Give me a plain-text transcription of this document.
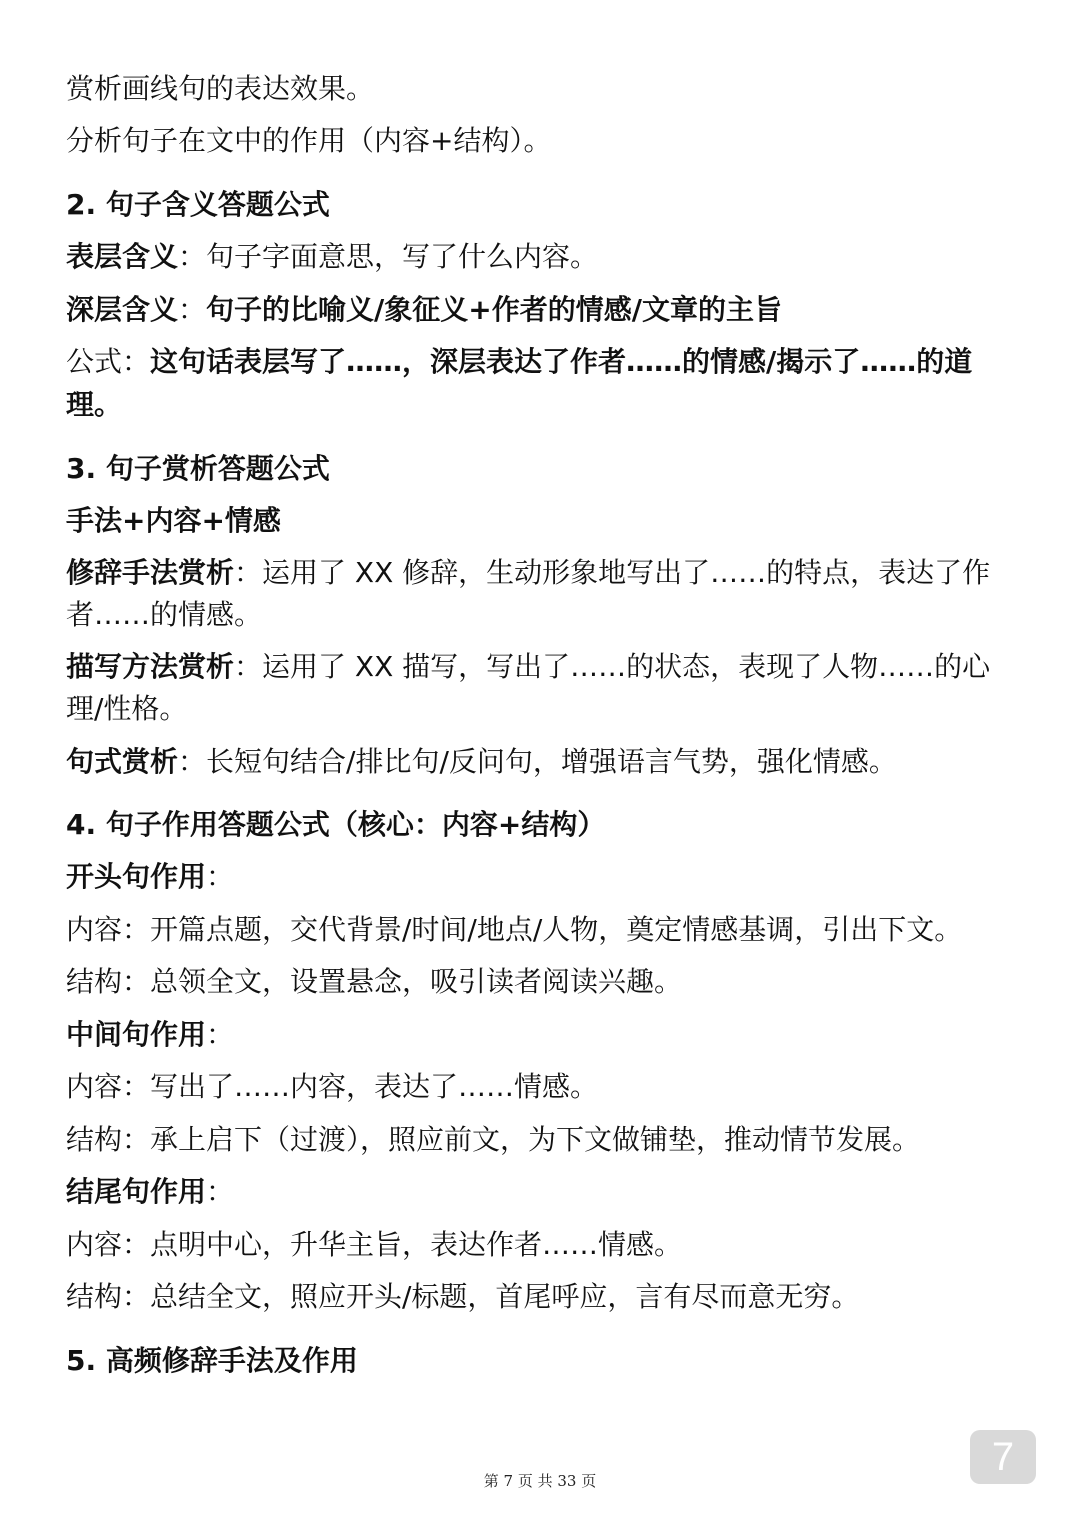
赏析画线句的表达效果。
分析句子在文中的作用（内容+结构）。
2. 句子含义答题公式
表层含义：句子字面意思，写了什么内容。
深层含义：句子的比喻义/象征义+作者的情感/文章的主旨
公式：这句话表层写了……，深层表达了作者……的情感/揭示了……的道
理。
3. 句子赏析答题公式
手法+内容+情感
修辞手法赏析：运用了 XX 修辞，生动形象地写出了……的特点，表达了作
者……的情感。
描写方法赏析：运用了 XX 描写，写出了……的状态，表现了人物……的心
理/性格。
句式赏析：长短句结合/排比句/反问句，增强语言气势，强化情感。
4. 句子作用答题公式（核心：内容+结构）
开头句作用：
内容：开篇点题，交代背景/时间/地点/人物，奠定情感基调，引出下文。
结构：总领全文，设置悬念，吸引读者阅读兴趣。
中间句作用：
内容：写出了……内容，表达了……情感。
结构：承上启下（过渡），照应前文，为下文做铺垫，推动情节发展。
结尾句作用：
内容：点明中心，升华主旨，表达作者……情感。
结构：总结全文，照应开头/标题，首尾呼应，言有尽而意无穷。
5. 高频修辞手法及作用
7
第 7 页 共 33 页
